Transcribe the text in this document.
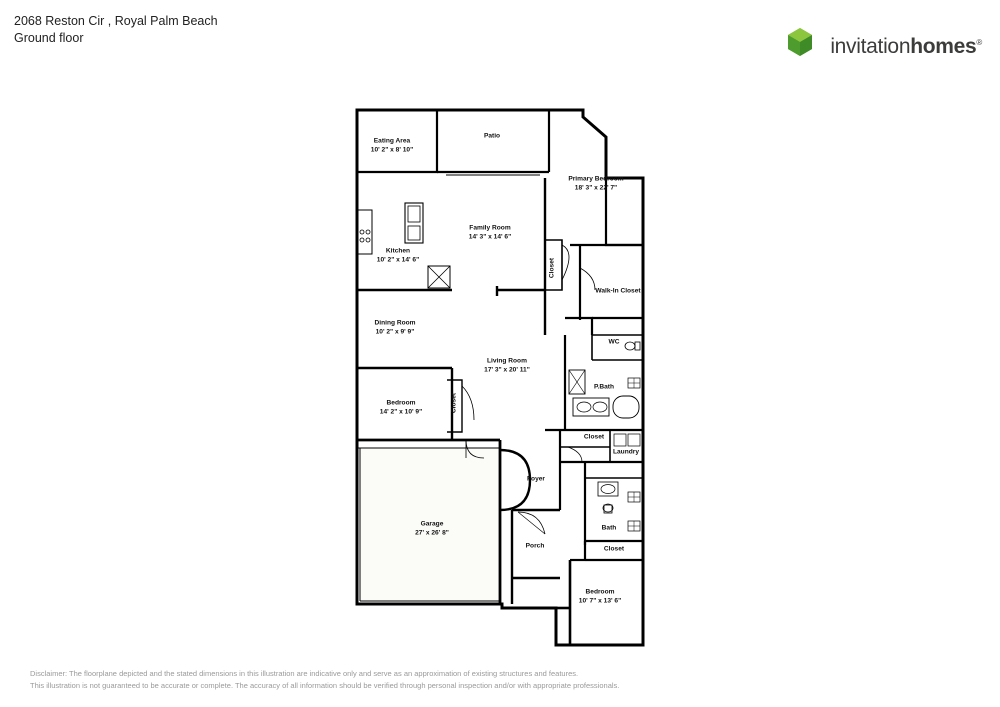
2068 Reston Cir , Royal Palm Beach
Ground floor	invitationhomes®
Eating Area
10' 2" x 8' 10"
Patio
Primary Bedroom
18' 3" x 22' 7"
Family Room
14' 3" x 14' 6"
Kitchen
10' 2" x 14' 6"	Closet
Walk-In Closet
Dining Room
10' 2" x 9' 9"
WC
Living Room
17' 3" x 20' 11"
P.Bath
Bedroom
14' 2" x 10' 9"	Closet
Closet
Laundry
Foyer
Garage
27' x 26' 8"
Bath
Porch	Closet
Bedroom
10' 7" x 13' 6"
Disclaimer: The floorplane depicted and the stated dimensions in this illustration are indicative only and serve as an approximation of existing structures and features.
This illustration is not guaranteed to be accurate or complete. The accuracy of all information should be verified through personal inspection and/or with appropriate professionals.
